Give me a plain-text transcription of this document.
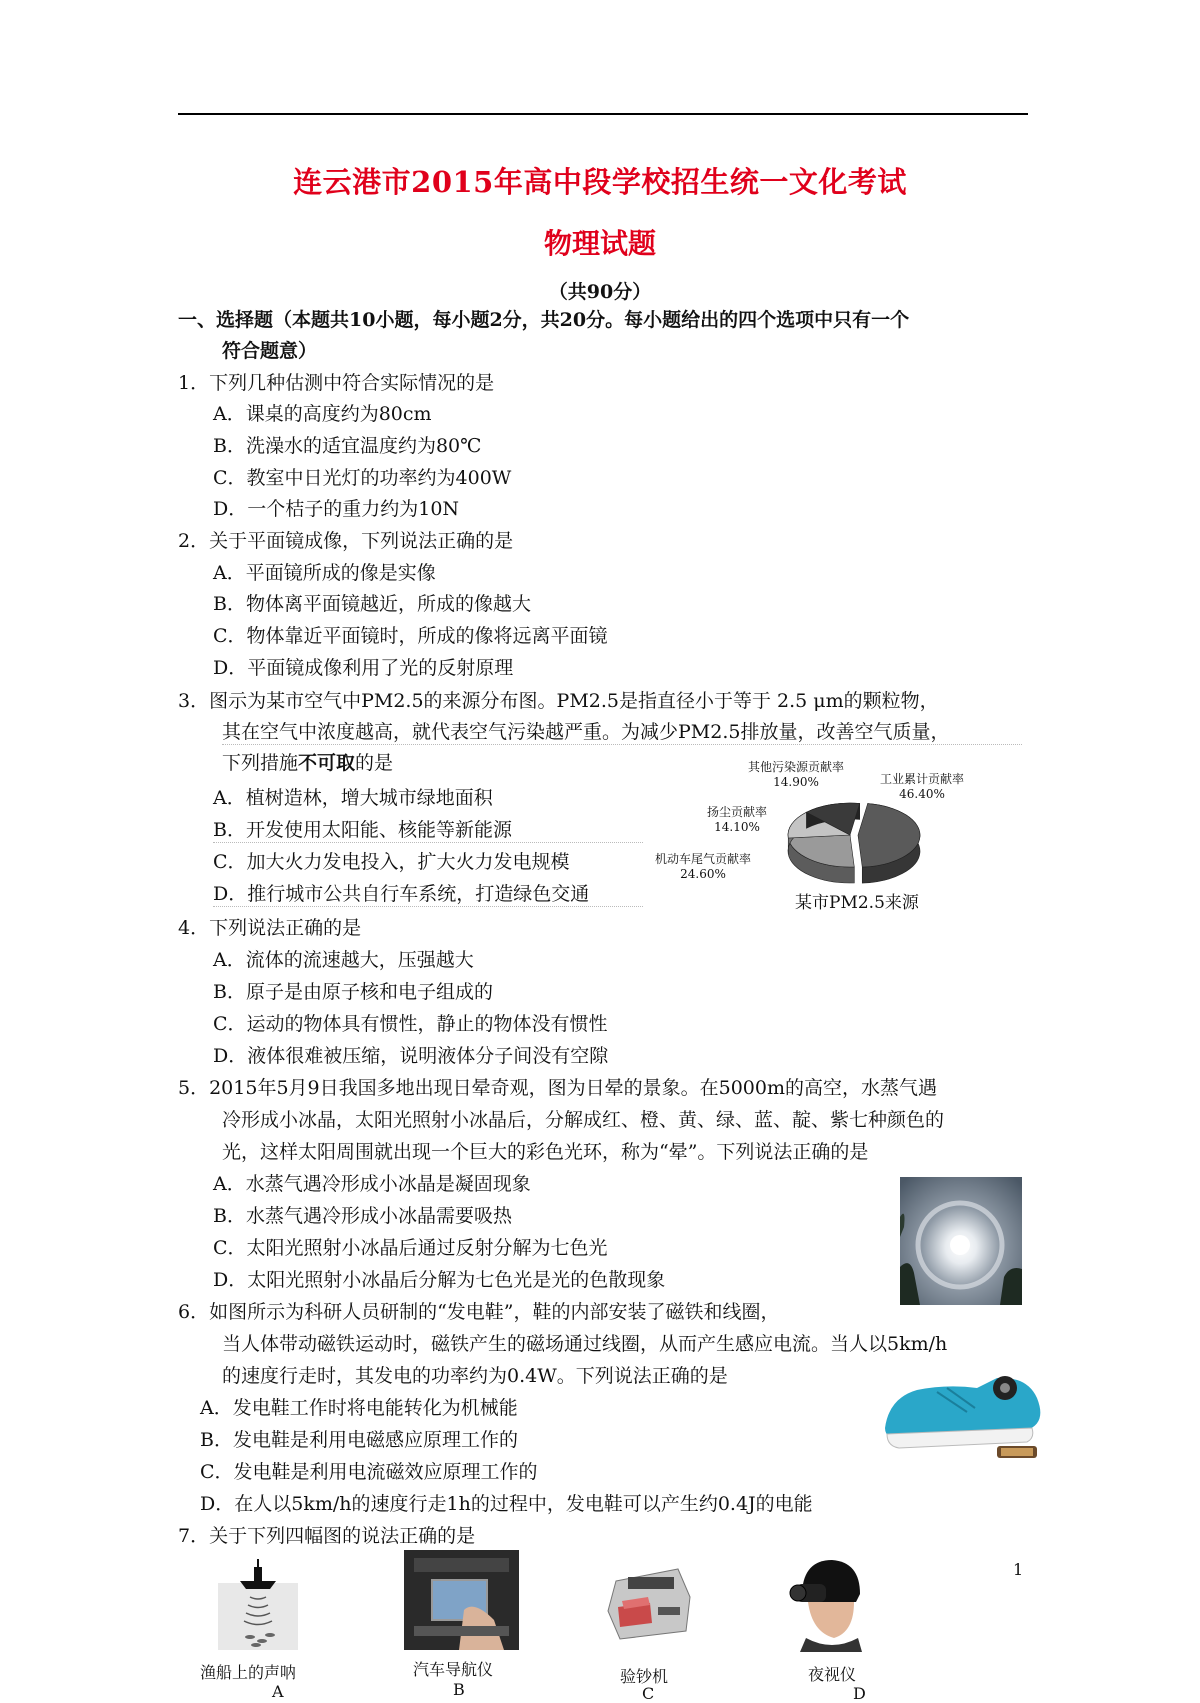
连云港市2015年高中段学校招生统一文化考试
物理试题
（共90分）
一、选择题（本题共10小题，每小题2分，共20分。每小题给出的四个选项中只有一个
符合题意）
1．下列几种估测中符合实际情况的是
A．课桌的高度约为80cm
B．洗澡水的适宜温度约为80℃
C．教室中日光灯的功率约为400W
D．一个桔子的重力约为10N
2．关于平面镜成像，下列说法正确的是
A．平面镜所成的像是实像
B．物体离平面镜越近，所成的像越大
C．物体靠近平面镜时，所成的像将远离平面镜
D．平面镜成像利用了光的反射原理
3．图示为某市空气中PM2.5的来源分布图。PM2.5是指直径小于等于 2.5 μm的颗粒物，
其在空气中浓度越高，就代表空气污染越严重。为减少PM2.5排放量，改善空气质量，
下列措施不可取的是
A．植树造林，增大城市绿地面积
B．开发使用太阳能、核能等新能源
C．加大火力发电投入，扩大火力发电规模
D．推行城市公共自行车系统，打造绿色交通
其他污染源贡献率
14.90%	工业累计贡献率
46.40%
扬尘贡献率
14.10%
机动车尾气贡献率
24.60%
某市PM2.5来源
4．下列说法正确的是
A．流体的流速越大，压强越大
B．原子是由原子核和电子组成的
C．运动的物体具有惯性，静止的物体没有惯性
D．液体很难被压缩，说明液体分子间没有空隙
5．2015年5月9日我国多地出现日晕奇观，图为日晕的景象。在5000m的高空，水蒸气遇
冷形成小冰晶，太阳光照射小冰晶后，分解成红、橙、黄、绿、蓝、靛、紫七种颜色的
光，这样太阳周围就出现一个巨大的彩色光环，称为“晕”。下列说法正确的是
A．水蒸气遇冷形成小冰晶是凝固现象
B．水蒸气遇冷形成小冰晶需要吸热
C．太阳光照射小冰晶后通过反射分解为七色光
D．太阳光照射小冰晶后分解为七色光是光的色散现象
6．如图所示为科研人员研制的“发电鞋”，鞋的内部安装了磁铁和线圈，
当人体带动磁铁运动时，磁铁产生的磁场通过线圈，从而产生感应电流。当人以5km/h
的速度行走时，其发电的功率约为0.4W。下列说法正确的是
A．发电鞋工作时将电能转化为机械能
B．发电鞋是利用电磁感应原理工作的
C．发电鞋是利用电流磁效应原理工作的
D．在人以5km/h的速度行走1h的过程中，发电鞋可以产生约0.4J的电能
7．关于下列四幅图的说法正确的是
渔船上的声呐
A
汽车导航仪
B
验钞机
C
夜视仪
D
1
